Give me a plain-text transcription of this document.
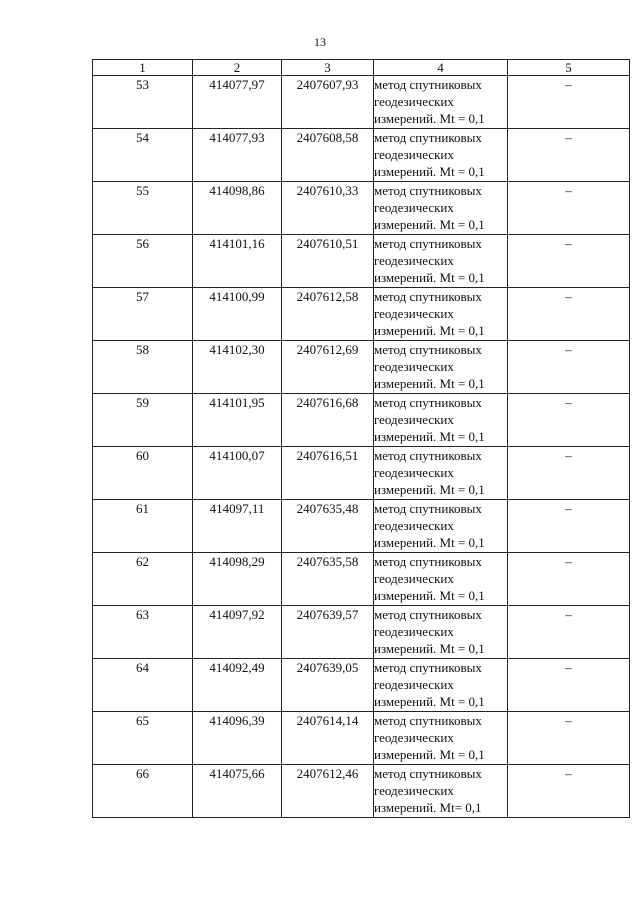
13
1	2	3	4	5
53	414077,97	2407607,93	метод спутниковых
геодезических
измерений. Mt = 0,1	–
54	414077,93	2407608,58	метод спутниковых
геодезических
измерений. Mt = 0,1	–
55	414098,86	2407610,33	метод спутниковых
геодезических
измерений. Mt = 0,1	–
56	414101,16	2407610,51	метод спутниковых
геодезических
измерений. Mt = 0,1	–
57	414100,99	2407612,58	метод спутниковых
геодезических
измерений. Mt = 0,1	–
58	414102,30	2407612,69	метод спутниковых
геодезических
измерений. Mt = 0,1	–
59	414101,95	2407616,68	метод спутниковых
геодезических
измерений. Mt = 0,1	–
60	414100,07	2407616,51	метод спутниковых
геодезических
измерений. Mt = 0,1	–
61	414097,11	2407635,48	метод спутниковых
геодезических
измерений. Mt = 0,1	–
62	414098,29	2407635,58	метод спутниковых
геодезических
измерений. Mt = 0,1	–
63	414097,92	2407639,57	метод спутниковых
геодезических
измерений. Mt = 0,1	–
64	414092,49	2407639,05	метод спутниковых
геодезических
измерений. Mt = 0,1	–
65	414096,39	2407614,14	метод спутниковых
геодезических
измерений. Mt = 0,1	–
66	414075,66	2407612,46	метод спутниковых
геодезических
измерений. Mt= 0,1	–
